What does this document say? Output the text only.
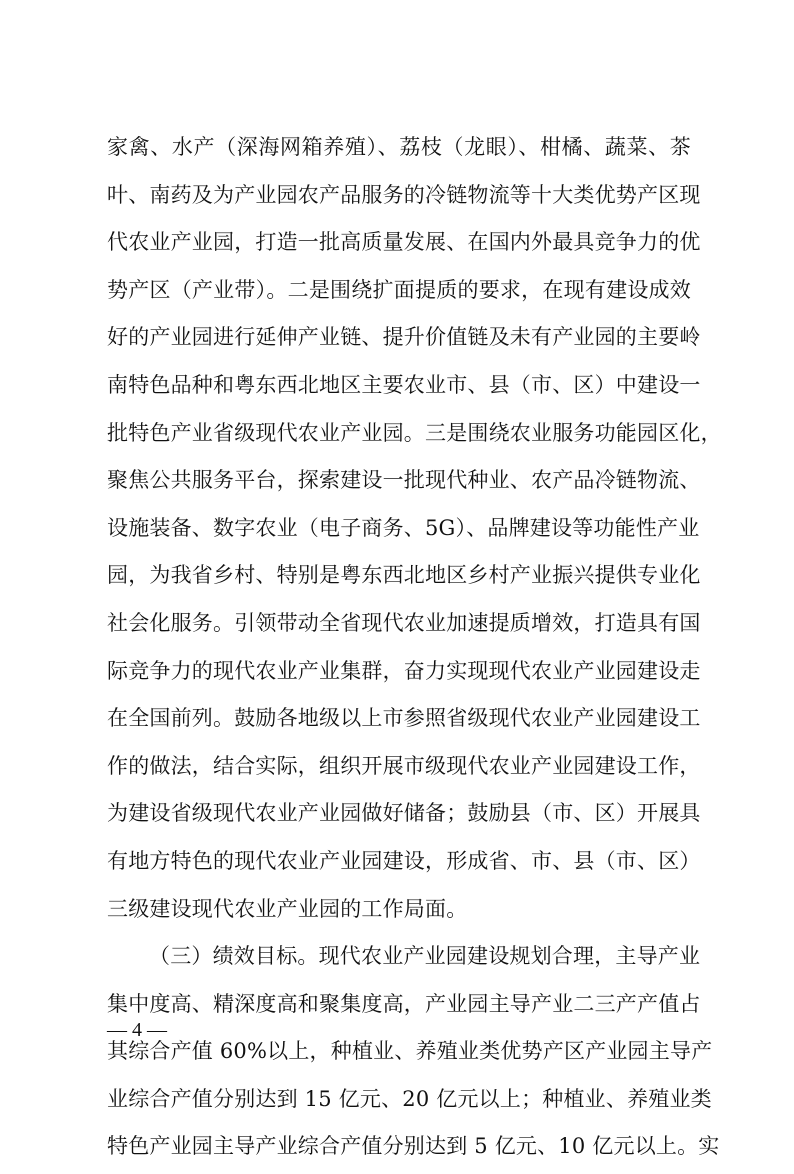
家禽、水产（深海网箱养殖）、荔枝（龙眼）、柑橘、蔬菜、茶
叶、南药及为产业园农产品服务的冷链物流等十大类优势产区现
代农业产业园，打造一批高质量发展、在国内外最具竞争力的优
势产区（产业带）。二是围绕扩面提质的要求，在现有建设成效
好的产业园进行延伸产业链、提升价值链及未有产业园的主要岭
南特色品种和粤东西北地区主要农业市、县（市、区）中建设一
批特色产业省级现代农业产业园。三是围绕农业服务功能园区化，
聚焦公共服务平台，探索建设一批现代种业、农产品冷链物流、
设施装备、数字农业（电子商务、5G）、品牌建设等功能性产业
园，为我省乡村、特别是粤东西北地区乡村产业振兴提供专业化
社会化服务。引领带动全省现代农业加速提质增效，打造具有国
际竞争力的现代农业产业集群，奋力实现现代农业产业园建设走
在全国前列。鼓励各地级以上市参照省级现代农业产业园建设工
作的做法，结合实际，组织开展市级现代农业产业园建设工作，
为建设省级现代农业产业园做好储备；鼓励县（市、区）开展具
有地方特色的现代农业产业园建设，形成省、市、县（市、区）
三级建设现代农业产业园的工作局面。
（三）绩效目标。现代农业产业园建设规划合理，主导产业
集中度高、精深度高和聚集度高，产业园主导产业二三产产值占
其综合产值 60%以上，种植业、养殖业类优势产区产业园主导产
业综合产值分别达到 15 亿元、20 亿元以上；种植业、养殖业类
特色产业园主导产业综合产值分别达到 5 亿元、10 亿元以上。实
— 4 —
